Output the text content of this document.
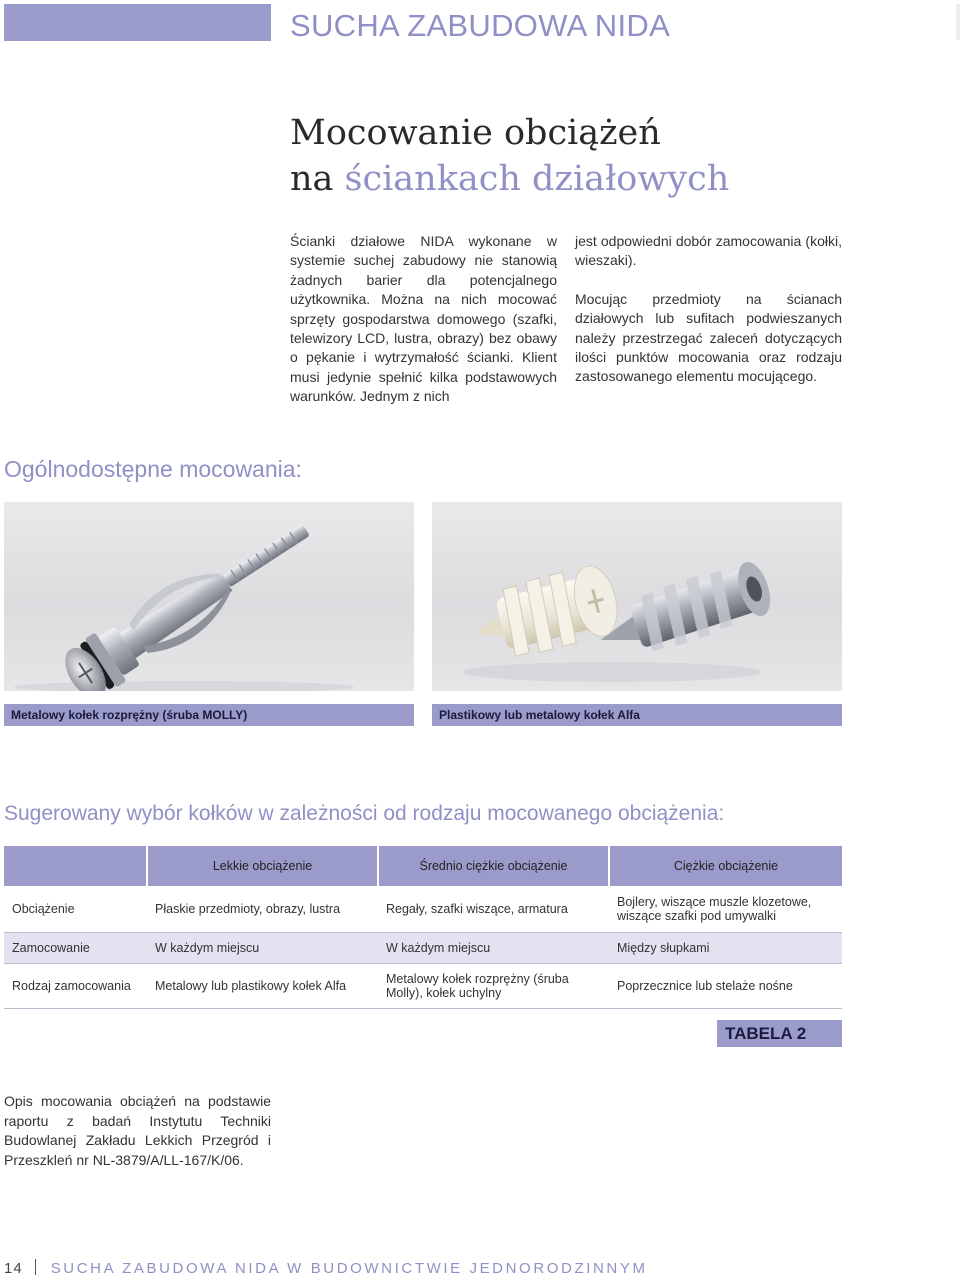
SUCHA ZABUDOWA NIDA
Mocowanie obciążeń
na ściankach działowych

Ścianki działowe NIDA wykonane w systemie suchej zabudowy nie stanowią żadnych barier dla potencjalnego użytkownika. Można na nich mocować sprzęty gospodarstwa domowego (szafki, telewizory LCD, lustra, obrazy) bez obawy o pękanie i wytrzymałość ścianki. Klient musi jedynie spełnić kilka podstawowych warunków. Jednym z nich

jest odpowiedni dobór zamocowania (kołki, wieszaki).

Mocując przedmioty na ścianach działowych lub sufitach podwieszanych należy przestrzegać zaleceń dotyczących ilości punktów mocowania oraz rodzaju zastosowanego elementu mocującego.

Ogólnodostępne mocowania:
Metalowy kołek rozprężny (śruba MOLLY)	Plastikowy lub metalowy kołek Alfa
Sugerowany wybór kołków w zależności od rodzaju mocowanego obciążenia:
	Lekkie obciążenie	Średnio ciężkie obciążenie	Ciężkie obciążenie
Obciążenie	Płaskie przedmioty, obrazy, lustra	Regały, szafki wiszące, armatura	Bojlery, wiszące muszle klozetowe, wiszące szafki pod umywalki
Zamocowanie	W każdym miejscu	W każdym miejscu	Między słupkami
Rodzaj zamocowania	Metalowy lub plastikowy kołek Alfa	Metalowy kołek rozprężny (śruba Molly), kołek uchylny	Poprzecznice lub stelaże nośne
TABELA 2
Opis mocowania obciążeń na podstawie raportu z badań Instytutu Techniki Budowlanej Zakładu Lekkich Przegród i Przeszkleń nr NL-3879/A/LL-167/K/06.
14 SUCHA ZABUDOWA NIDA W BUDOWNICTWIE JEDNORODZINNYM
